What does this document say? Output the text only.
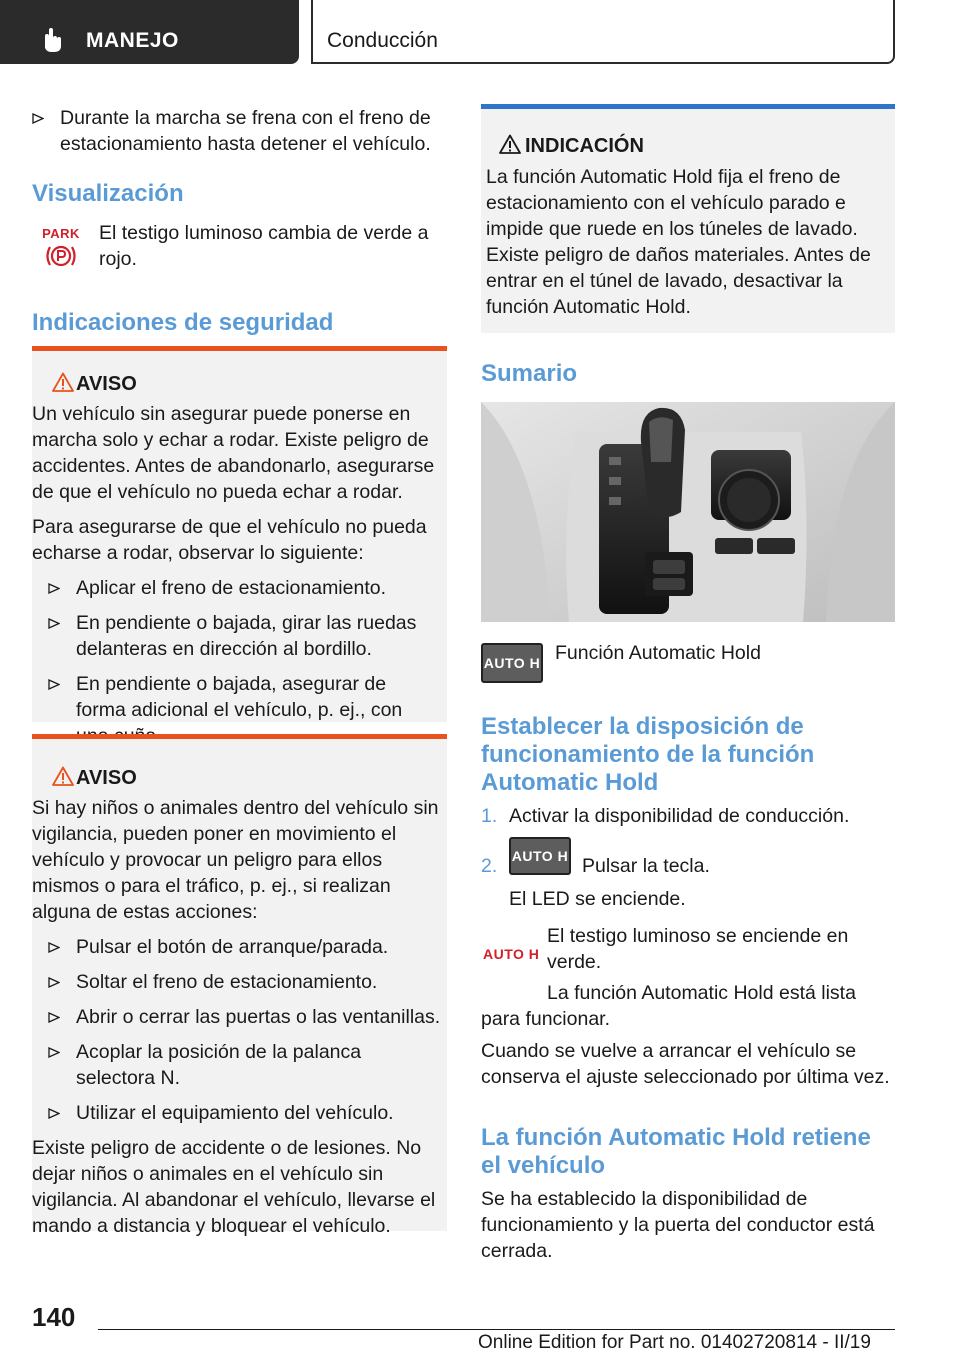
MANEJO	Conducción
Durante la marcha se frena con el freno de estacionamiento hasta detener el vehículo.
Visualización
PARK El testigo luminoso cambia de verde a rojo.
Indicaciones de seguridad
AVISO
Un vehículo sin asegurar puede ponerse en marcha solo y echar a rodar. Existe peligro de accidentes. Antes de abandonarlo, asegurarse de que el vehículo no pueda echar a rodar.
Para asegurarse de que el vehículo no pueda echarse a rodar, observar lo siguiente:
Aplicar el freno de estacionamiento.
En pendiente o bajada, girar las ruedas delanteras en dirección al bordillo.
En pendiente o bajada, asegurar de forma adicional el vehículo, p. ej., con
AVISO
Si hay niños o animales dentro del vehículo sin vigilancia, pueden poner en movimiento el vehículo y provocar un peligro para ellos mismos o para el tráfico, p. ej., si realizan alguna de estas acciones:
Pulsar el botón de arranque/parada.
Soltar el freno de estacionamiento.
Abrir o cerrar las puertas o las ventanillas.
Acoplar la posición de la palanca selectora N.
Utilizar el equipamiento del vehículo.
Existe peligro de accidente o de lesiones. No dejar niños o animales en el vehículo sin vigilancia. Al abandonar el vehículo, llevarse el mando a distancia y bloquear el vehículo.
INDICACIÓN
La función Automatic Hold fija el freno de estacionamiento con el vehículo parado e impide que ruede en los túneles de lavado. Existe peligro de daños materiales. Antes de entrar en el túnel de lavado, desactivar la función Automatic Hold.
Sumario
AUTO H Función Automatic Hold
Establecer la disposición de funcionamiento de la función Automatic Hold
1. Activar la disponibilidad de conducción.
2. AUTO H Pulsar la tecla.
El LED se enciende.
AUTO H
El testigo luminoso se enciende en verde.
La función Automatic Hold está lista para funcionar.
Cuando se vuelve a arrancar el vehículo se conserva el ajuste seleccionado por última vez.
La función Automatic Hold retiene el vehículo
Se ha establecido la disponibilidad de funcionamiento y la puerta del conductor está cerrada.
140
Online Edition for Part no. 01402720814 - II/19
